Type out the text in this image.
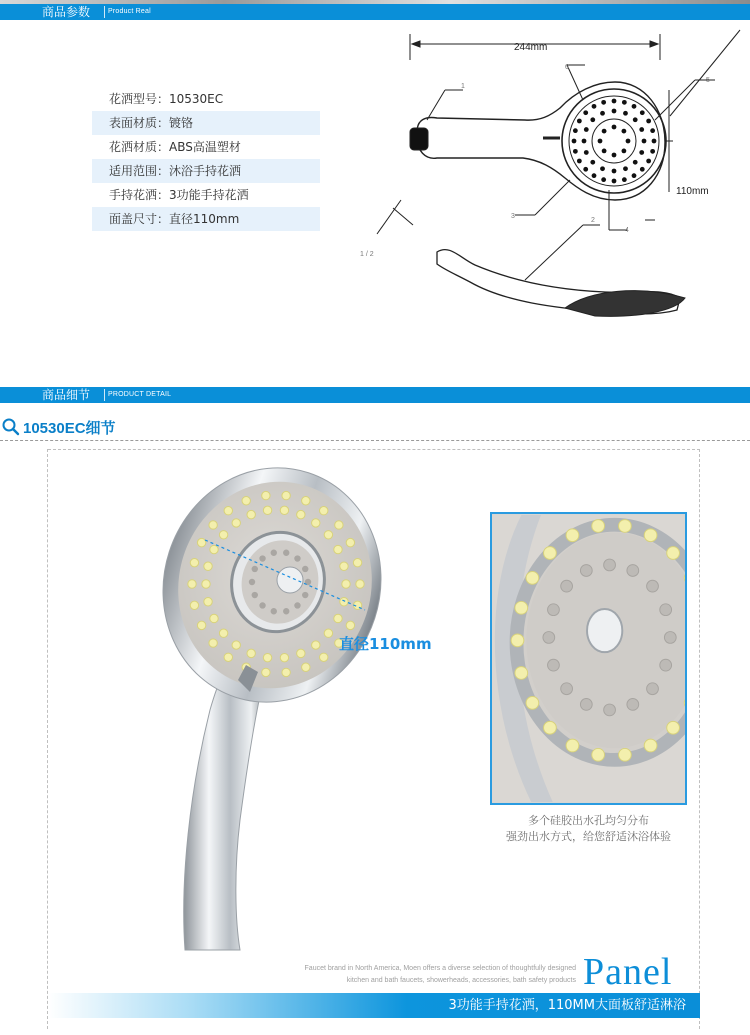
商品参数	Product Real
花洒型号：10530EC
表面材质：镀铬
花洒材质：ABS高温塑材
适用范围：沐浴手持花洒
手持花洒：3功能手持花洒
面盖尺寸：直径110mm
244mm
110mm
1 / 2
1
2
3
4
5
6
商品细节	PRODUCT DETAIL
10530EC细节
直径110mm
多个硅胶出水孔均匀分布
强劲出水方式，给您舒适沐浴体验
Faucet brand in North America, Moen offers a diverse selection of thoughtfully designed
kitchen and bath faucets, showerheads, accessories, bath safety products Panel
3功能手持花洒，110MM大面板舒适淋浴
